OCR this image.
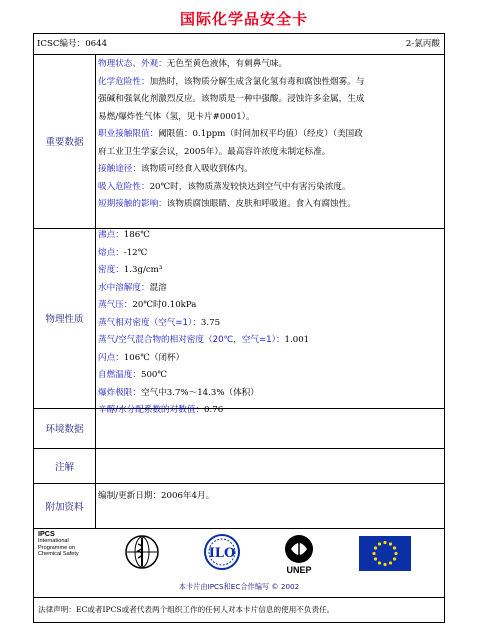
国际化学品安全卡
ICSC编号：0644	2-氯丙酸
重要数据
物理性质
环境数据
注解
附加资料
物理状态、外观：无色至黄色液体，有刺鼻气味。
化学危险性：加热时，该物质分解生成含氯化氢有毒和腐蚀性烟雾。与
强碱和强氧化剂激烈反应。该物质是一种中强酸。浸蚀许多金属，生成
易燃/爆炸性气体（氢，见卡片#0001）。
职业接触限值：阈限值：0.1ppm（时间加权平均值）（经皮）（美国政
府工业卫生学家会议，2005年）。最高容许浓度未制定标准。
接触途径：该物质可经食入吸收到体内。
吸入危险性：20℃时，该物质蒸发较快达到空气中有害污染浓度。
短期接触的影响：该物质腐蚀眼睛、皮肤和呼吸道。食入有腐蚀性。
沸点：186℃
熔点：-12℃
密度：1.3g/cm³
水中溶解度：混溶
蒸气压：20℃时0.10kPa
蒸气相对密度（空气=1）：3.75
蒸气/空气混合物的相对密度（20℃，空气=1）：1.001
闪点：106℃（闭杯）
自燃温度：500℃
爆炸极限：空气中3.7%～14.3%（体积）
辛醇/水分配系数的对数值：0.76
编制/更新日期：2006年4月。
IPCS
International
Programme on
Chemical Safety	ILO
UNEP
本卡片由IPCS和EC合作编写 © 2002
法律声明：EC或者IPCS或者代表两个组织工作的任何人对本卡片信息的使用不负责任。
